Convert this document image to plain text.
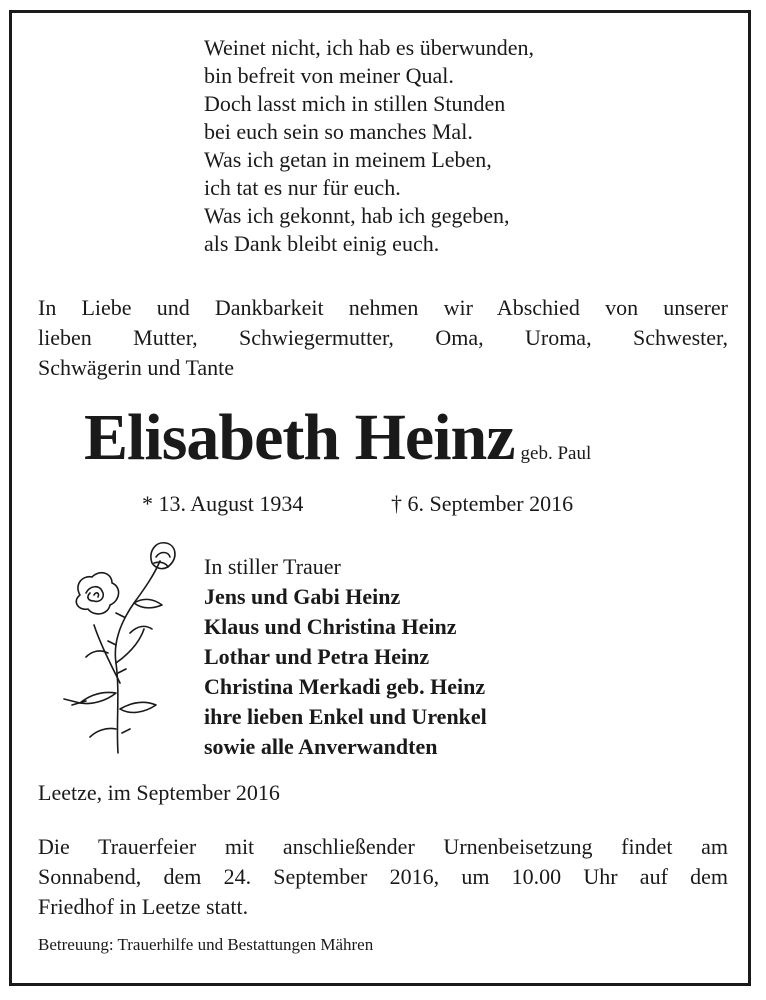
Weinet nicht, ich hab es überwunden,
bin befreit von meiner Qual.
Doch lasst mich in stillen Stunden
bei euch sein so manches Mal.
Was ich getan in meinem Leben,
ich tat es nur für euch.
Was ich gekonnt, hab ich gegeben,
als Dank bleibt einig euch.
In Liebe und Dankbarkeit nehmen wir Abschied von unserer
lieben Mutter, Schwiegermutter, Oma, Uroma, Schwester,
Schwägerin und Tante
Elisabeth Heinz geb. Paul
* 13. August 1934	† 6. September 2016
In stiller Trauer
Jens und Gabi Heinz
Klaus und Christina Heinz
Lothar und Petra Heinz
Christina Merkadi geb. Heinz
ihre lieben Enkel und Urenkel
sowie alle Anverwandten
Leetze, im September 2016
Die Trauerfeier mit anschließender Urnenbeisetzung findet am
Sonnabend, dem 24. September 2016, um 10.00 Uhr auf dem
Friedhof in Leetze statt.
Betreuung: Trauerhilfe und Bestattungen Mähren
